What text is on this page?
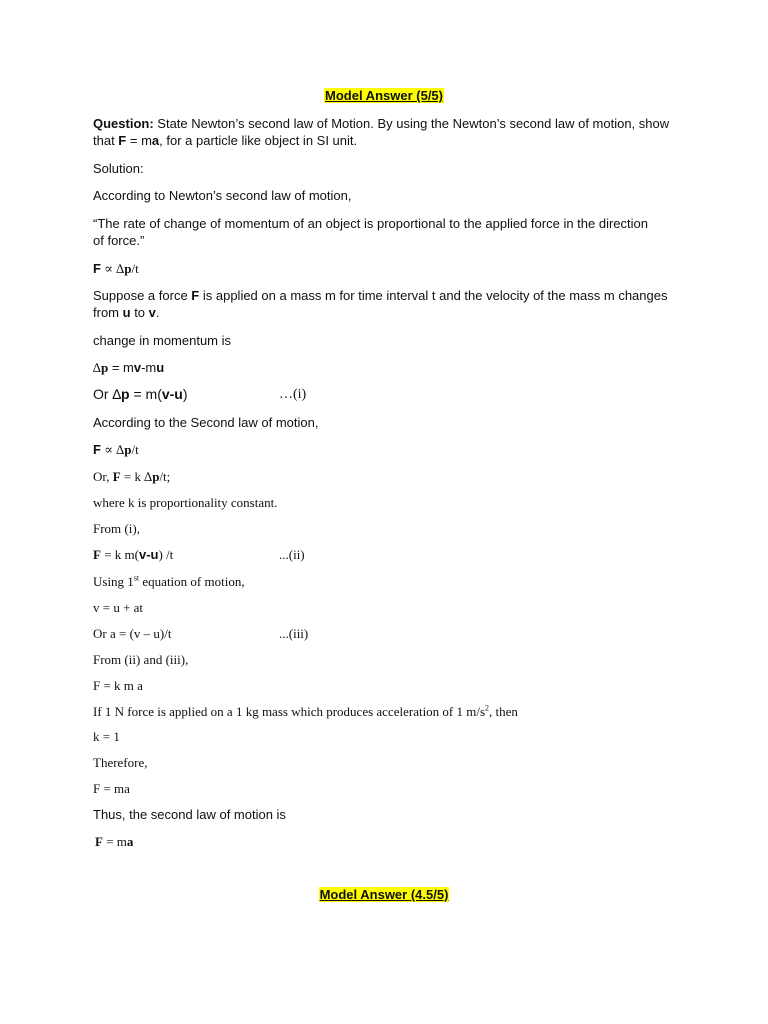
Model Answer (5/5)
Question: State Newton’s second law of Motion. By using the Newton’s second law of motion, show
that F = ma, for a particle like object in SI unit.
Solution:
According to Newton’s second law of motion,
“The rate of change of momentum of an object is proportional to the applied force in the direction
of force.”
F ∝ ∆p/t
Suppose a force F is applied on a mass m for time interval t and the velocity of the mass m changes
from u to v.
change in momentum is
∆p = mv-mu
Or ∆p = m(v-u)	…(i)
According to the Second law of motion,
F ∝ ∆p/t
Or, F = k ∆p/t;
where k is proportionality constant.
From (i),
F = k m(v-u) /t	...(ii)
Using 1st equation of motion,
v = u + at
Or a = (v – u)/t	...(iii)
From (ii) and (iii),
F = k m a
If 1 N force is applied on a 1 kg mass which produces acceleration of 1 $m/s^2$, then
k = 1
Therefore,
F = ma
Thus, the second law of motion is
F = ma
Model Answer (4.5/5)
